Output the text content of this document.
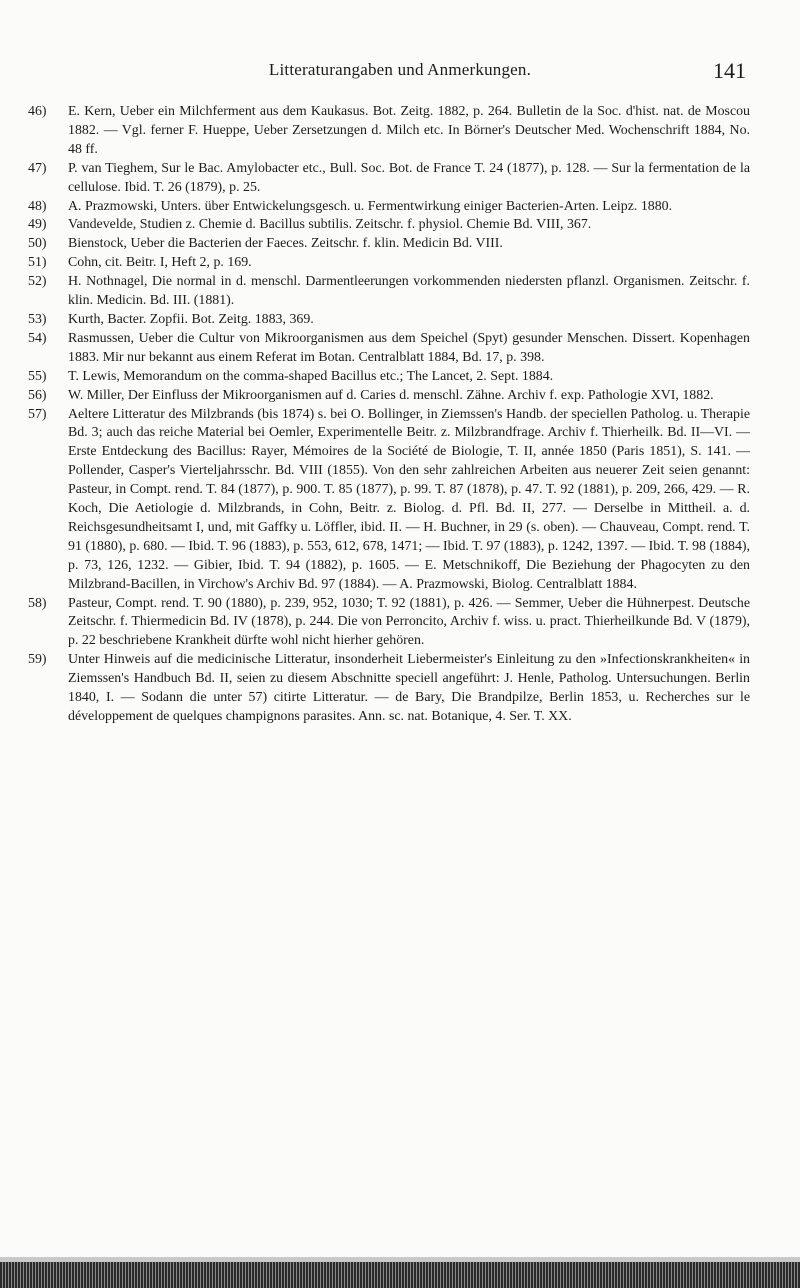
Litteraturangaben und Anmerkungen.	141
46)	E. Kern, Ueber ein Milchferment aus dem Kaukasus. Bot. Zeitg. 1882, p. 264. Bulletin de la Soc. d'hist. nat. de Moscou 1882. — Vgl. ferner F. Hueppe, Ueber Zersetzungen d. Milch etc. In Börner's Deutscher Med. Wochenschrift 1884, No. 48 ff.
47)	P. van Tieghem, Sur le Bac. Amylobacter etc., Bull. Soc. Bot. de France T. 24 (1877), p. 128. — Sur la fermentation de la cellulose. Ibid. T. 26 (1879), p. 25.
48)	A. Prazmowski, Unters. über Entwickelungsgesch. u. Fermentwirkung einiger Bacterien-Arten. Leipz. 1880.
49)	Vandevelde, Studien z. Chemie d. Bacillus subtilis. Zeitschr. f. physiol. Chemie Bd. VIII, 367.
50)	Bienstock, Ueber die Bacterien der Faeces. Zeitschr. f. klin. Medicin Bd. VIII.
51)	Cohn, cit. Beitr. I, Heft 2, p. 169.
52)	H. Nothnagel, Die normal in d. menschl. Darmentleerungen vorkommenden niedersten pflanzl. Organismen. Zeitschr. f. klin. Medicin. Bd. III. (1881).
53)	Kurth, Bacter. Zopfii. Bot. Zeitg. 1883, 369.
54)	Rasmussen, Ueber die Cultur von Mikroorganismen aus dem Speichel (Spyt) gesunder Menschen. Dissert. Kopenhagen 1883. Mir nur bekannt aus einem Referat im Botan. Centralblatt 1884, Bd. 17, p. 398.
55)	T. Lewis, Memorandum on the comma-shaped Bacillus etc.; The Lancet, 2. Sept. 1884.
56)	W. Miller, Der Einfluss der Mikroorganismen auf d. Caries d. menschl. Zähne. Archiv f. exp. Pathologie XVI, 1882.
57)	Aeltere Litteratur des Milzbrands (bis 1874) s. bei O. Bollinger, in Ziemssen's Handb. der speciellen Patholog. u. Therapie Bd. 3; auch das reiche Material bei Oemler, Experimentelle Beitr. z. Milzbrandfrage. Archiv f. Thierheilk. Bd. II—VI. — Erste Entdeckung des Bacillus: Rayer, Mémoires de la Société de Biologie, T. II, année 1850 (Paris 1851), S. 141. — Pollender, Casper's Vierteljahrsschr. Bd. VIII (1855). Von den sehr zahlreichen Arbeiten aus neuerer Zeit seien genannt: Pasteur, in Compt. rend. T. 84 (1877), p. 900. T. 85 (1877), p. 99. T. 87 (1878), p. 47. T. 92 (1881), p. 209, 266, 429. — R. Koch, Die Aetiologie d. Milzbrands, in Cohn, Beitr. z. Biolog. d. Pfl. Bd. II, 277. — Derselbe in Mittheil. a. d. Reichsgesundheitsamt I, und, mit Gaffky u. Löffler, ibid. II. — H. Buchner, in 29 (s. oben). — Chauveau, Compt. rend. T. 91 (1880), p. 680. — Ibid. T. 96 (1883), p. 553, 612, 678, 1471; — Ibid. T. 97 (1883), p. 1242, 1397. — Ibid. T. 98 (1884), p. 73, 126, 1232. — Gibier, Ibid. T. 94 (1882), p. 1605. — E. Metschnikoff, Die Beziehung der Phagocyten zu den Milzbrand-Bacillen, in Virchow's Archiv Bd. 97 (1884). — A. Prazmowski, Biolog. Centralblatt 1884.
58)	Pasteur, Compt. rend. T. 90 (1880), p. 239, 952, 1030; T. 92 (1881), p. 426. — Semmer, Ueber die Hühnerpest. Deutsche Zeitschr. f. Thiermedicin Bd. IV (1878), p. 244. Die von Perroncito, Archiv f. wiss. u. pract. Thierheilkunde Bd. V (1879), p. 22 beschriebene Krankheit dürfte wohl nicht hierher gehören.
59)	Unter Hinweis auf die medicinische Litteratur, insonderheit Liebermeister's Einleitung zu den »Infectionskrankheiten« in Ziemssen's Handbuch Bd. II, seien zu diesem Abschnitte speciell angeführt: J. Henle, Patholog. Untersuchungen. Berlin 1840, I. — Sodann die unter 57) citirte Litteratur. — de Bary, Die Brandpilze, Berlin 1853, u. Recherches sur le développement de quelques champignons parasites. Ann. sc. nat. Botanique, 4. Ser. T. XX.
